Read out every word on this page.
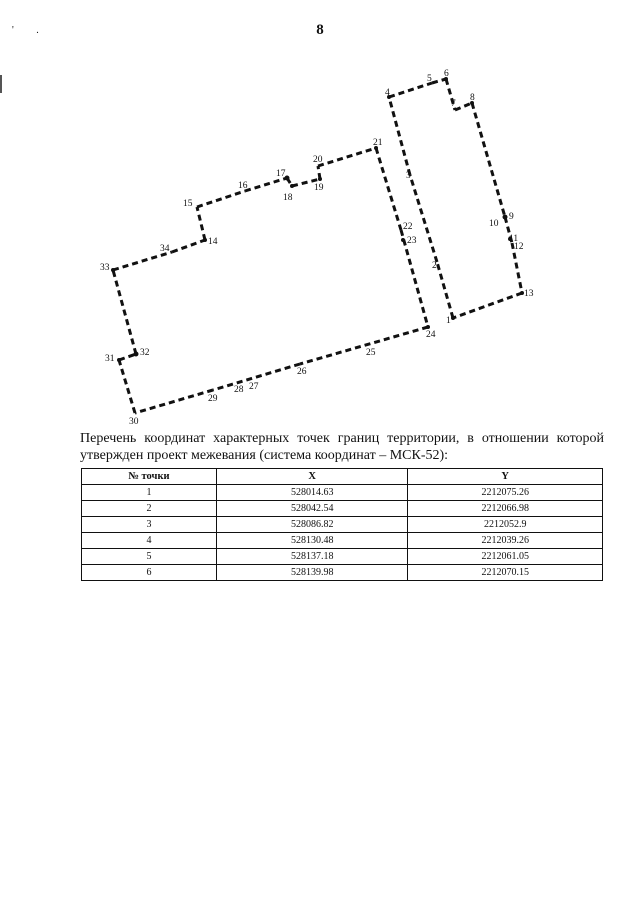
' .	8
1
2
3
4
5 6
7
8
9
10
11
12
13
14
15
16
17
18
19
20
21
22
23
24
25
26
27
28
29
30
31
32
33
34
Перечень координат характерных точек границ территории, в отношении которой утвержден проект межевания (система координат – МСК-52):
№ точки	X	Y
1	528014.63	2212075.26
2	528042.54	2212066.98
3	528086.82	2212052.9
4	528130.48	2212039.26
5	528137.18	2212061.05
6	528139.98	2212070.15
